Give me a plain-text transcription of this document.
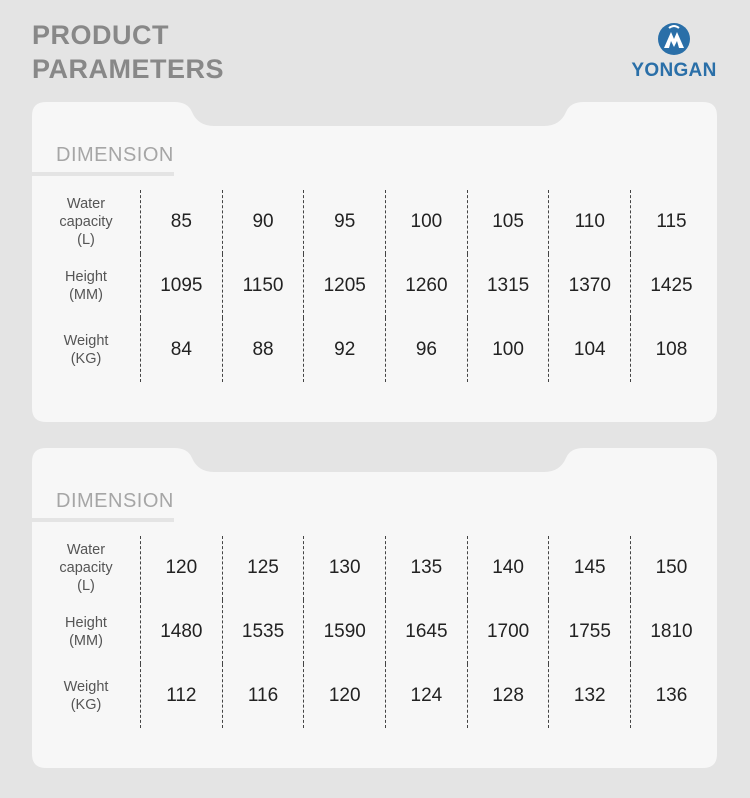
PRODUCT
PARAMETERS	YONGAN
DIMENSION
Water
capacity
(L)
85	90	95	100	105	110	115
Height
(MM)	1095	1150	1205	1260	1315	1370	1425
Weight
(KG)	84	88	92	96	100	104	108
DIMENSION
Water
capacity
(L)
120	125	130	135	140	145	150
Height
(MM)	1480	1535	1590	1645	1700	1755	1810
Weight
(KG)	112	116	120	124	128	132	136
